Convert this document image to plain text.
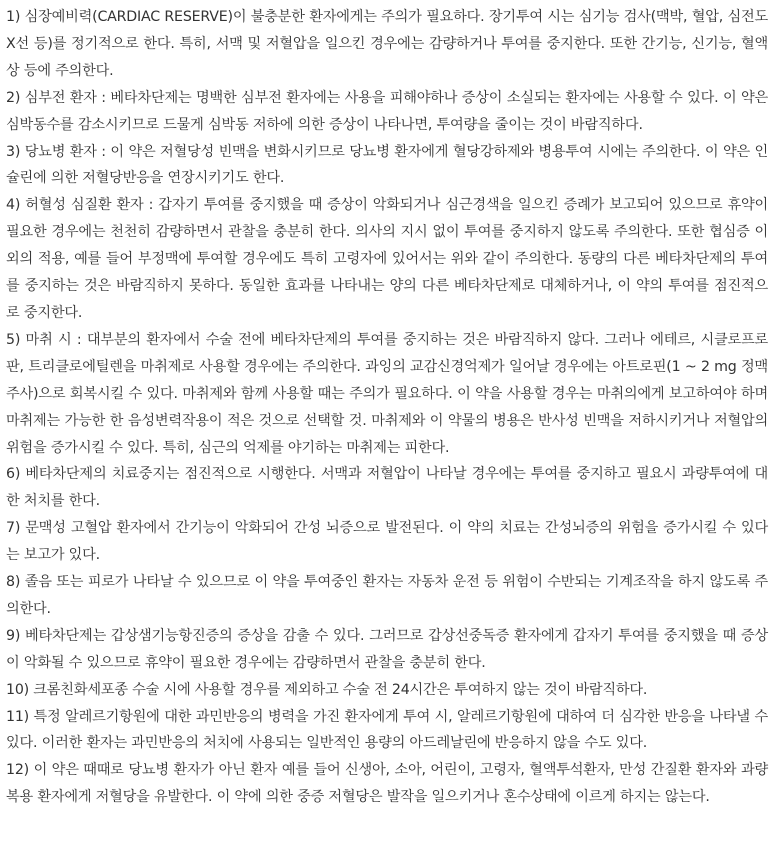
1) 심장예비력(CARDIAC RESERVE)이 불충분한 환자에게는 주의가 필요하다. 장기투여 시는 심기능 검사(맥박, 혈압, 심전도 X선 등)를 정기적으로 한다. 특히, 서맥 및 저혈압을 일으킨 경우에는 감량하거나 투여를 중지한다. 또한 간기능, 신기능, 혈액상 등에 주의한다.

2) 심부전 환자 : 베타차단제는 명백한 심부전 환자에는 사용을 피해야하나 증상이 소실되는 환자에는 사용할 수 있다. 이 약은 심박동수를 감소시키므로 드물게 심박동 저하에 의한 증상이 나타나면, 투여량을 줄이는 것이 바람직하다.

3) 당뇨병 환자 : 이 약은 저혈당성 빈맥을 변화시키므로 당뇨병 환자에게 혈당강하제와 병용투여 시에는 주의한다. 이 약은 인슐린에 의한 저혈당반응을 연장시키기도 한다.

4) 허혈성 심질환 환자 : 갑자기 투여를 중지했을 때 증상이 악화되거나 심근경색을 일으킨 증례가 보고되어 있으므로 휴약이 필요한 경우에는 천천히 감량하면서 관찰을 충분히 한다. 의사의 지시 없이 투여를 중지하지 않도록 주의한다. 또한 협심증 이외의 적용, 예를 들어 부정맥에 투여할 경우에도 특히 고령자에 있어서는 위와 같이 주의한다. 동량의 다른 베타차단제의 투여를 중지하는 것은 바람직하지 못하다. 동일한 효과를 나타내는 양의 다른 베타차단제로 대체하거나, 이 약의 투여를 점진적으로 중지한다.

5) 마취 시 : 대부분의 환자에서 수술 전에 베타차단제의 투여를 중지하는 것은 바람직하지 않다. 그러나 에테르, 시클로프로판, 트리클로에틸렌을 마취제로 사용할 경우에는 주의한다. 과잉의 교감신경억제가 일어날 경우에는 아트로핀(1 ~ 2 mg 정맥주사)으로 회복시킬 수 있다. 마취제와 함께 사용할 때는 주의가 필요하다. 이 약을 사용할 경우는 마취의에게 보고하여야 하며 마취제는 가능한 한 음성변력작용이 적은 것으로 선택할 것. 마취제와 이 약물의 병용은 반사성 빈맥을 저하시키거나 저혈압의 위험을 증가시킬 수 있다. 특히, 심근의 억제를 야기하는 마취제는 피한다.

6) 베타차단제의 치료중지는 점진적으로 시행한다. 서맥과 저혈압이 나타날 경우에는 투여를 중지하고 필요시 과량투여에 대한 처치를 한다.

7) 문맥성 고혈압 환자에서 간기능이 악화되어 간성 뇌증으로 발전된다. 이 약의 치료는 간성뇌증의 위험을 증가시킬 수 있다는 보고가 있다.

8) 졸음 또는 피로가 나타날 수 있으므로 이 약을 투여중인 환자는 자동차 운전 등 위험이 수반되는 기계조작을 하지 않도록 주의한다.

9) 베타차단제는 갑상샘기능항진증의 증상을 감출 수 있다. 그러므로 갑상선중독증 환자에게 갑자기 투여를 중지했을 때 증상이 악화될 수 있으므로 휴약이 필요한 경우에는 감량하면서 관찰을 충분히 한다.

10) 크롬친화세포종 수술 시에 사용할 경우를 제외하고 수술 전 24시간은 투여하지 않는 것이 바람직하다.

11) 특정 알레르기항원에 대한 과민반응의 병력을 가진 환자에게 투여 시, 알레르기항원에 대하여 더 심각한 반응을 나타낼 수 있다. 이러한 환자는 과민반응의 처치에 사용되는 일반적인 용량의 아드레날린에 반응하지 않을 수도 있다.

12) 이 약은 때때로 당뇨병 환자가 아닌 환자 예를 들어 신생아, 소아, 어린이, 고령자, 혈액투석환자, 만성 간질환 환자와 과량복용 환자에게 저혈당을 유발한다. 이 약에 의한 중증 저혈당은 발작을 일으키거나 혼수상태에 이르게 하지는 않는다.
